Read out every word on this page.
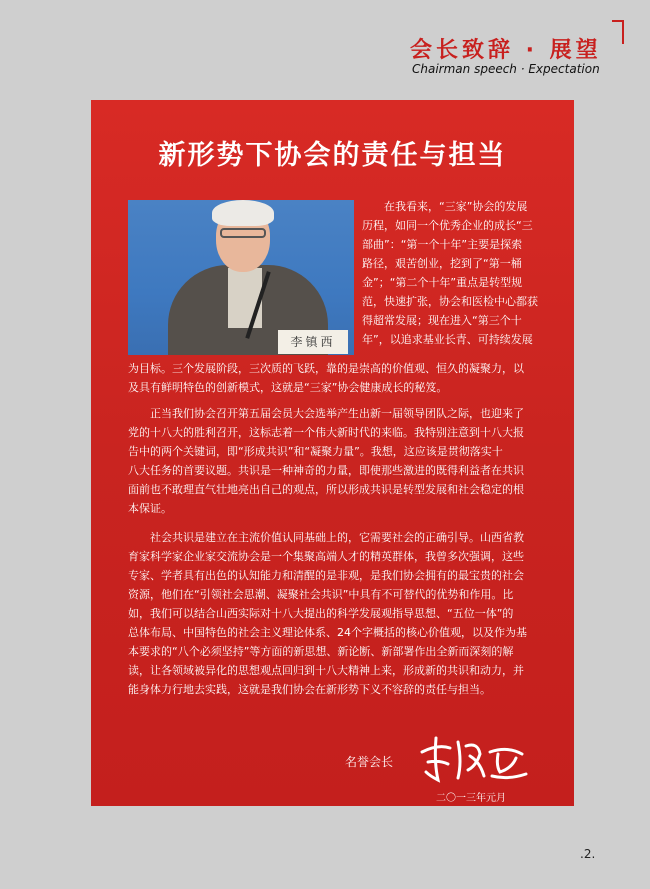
会长致辞 · 展望
Chairman speech · Expectation
新形势下协会的责任与担当
李镇西
在我看来，“三家”协会的发展
历程，如同一个优秀企业的成长“三
部曲”：“第一个十年”主要是探索
路径，艰苦创业，挖到了“第一桶
金”；“第二个十年”重点是转型规
范，快速扩张，协会和医检中心都获
得超常发展；现在进入“第三个十
年”，以追求基业长青、可持续发展
为目标。三个发展阶段，三次质的飞跃，靠的是崇高的价值观、恒久的凝聚力，以
及具有鲜明特色的创新模式，这就是“三家”协会健康成长的秘笈。
正当我们协会召开第五届会员大会选举产生出新一届领导团队之际，也迎来了
党的十八大的胜利召开，这标志着一个伟大新时代的来临。我特别注意到十八大报
告中的两个关键词，即“形成共识”和“凝聚力量”。我想，这应该是贯彻落实十
八大任务的首要议题。共识是一种神奇的力量，即使那些激进的既得利益者在共识
面前也不敢理直气壮地亮出自己的观点，所以形成共识是转型发展和社会稳定的根
本保证。
社会共识是建立在主流价值认同基础上的，它需要社会的正确引导。山西省教
育家科学家企业家交流协会是一个集聚高端人才的精英群体，我曾多次强调，这些
专家、学者具有出色的认知能力和清醒的是非观，是我们协会拥有的最宝贵的社会
资源，他们在“引领社会思潮、凝聚社会共识”中具有不可替代的优势和作用。比
如，我们可以结合山西实际对十八大提出的科学发展观指导思想、“五位一体”的
总体布局、中国特色的社会主义理论体系、24个字概括的核心价值观，以及作为基
本要求的“八个必须坚持”等方面的新思想、新论断、新部署作出全新而深刻的解
读，让各领域被异化的思想观点回归到十八大精神上来，形成新的共识和动力，并
能身体力行地去实践，这就是我们协会在新形势下义不容辞的责任与担当。
名誉会长
二〇一三年元月
.2.
